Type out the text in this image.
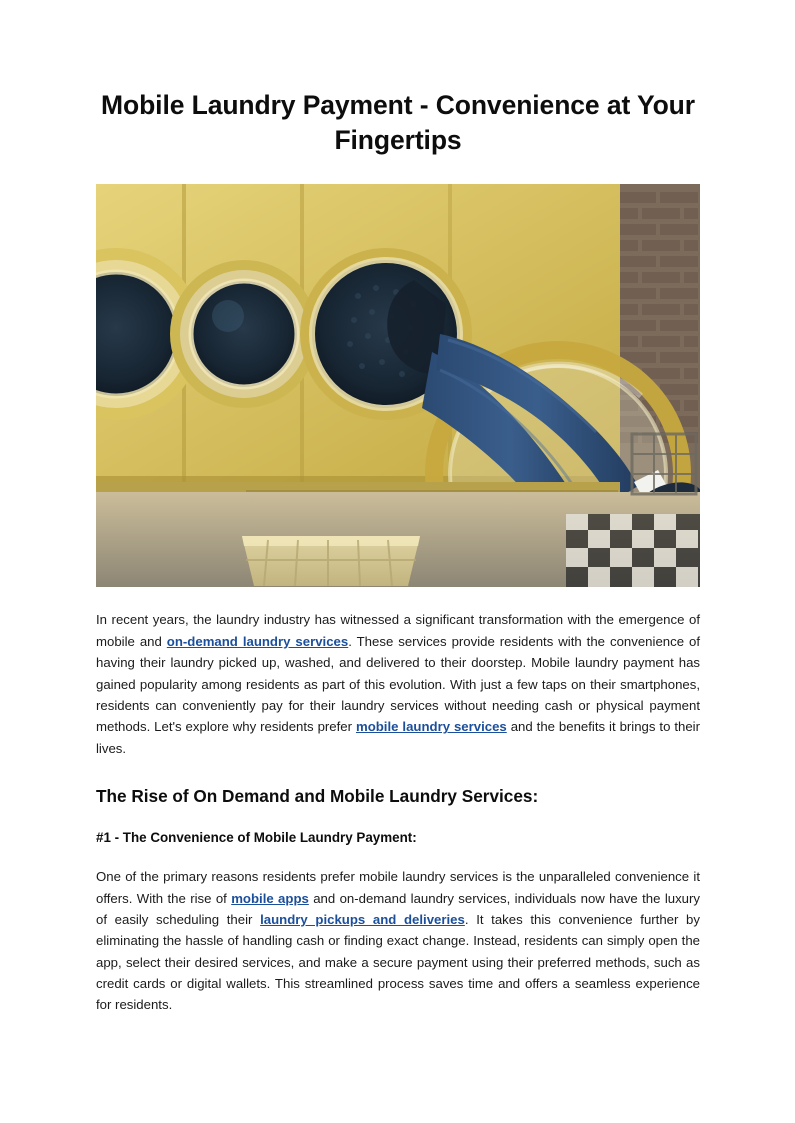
Mobile Laundry Payment - Convenience at Your Fingertips

In recent years, the laundry industry has witnessed a significant transformation with the emergence of mobile and on-demand laundry services. These services provide residents with the convenience of having their laundry picked up, washed, and delivered to their doorstep. Mobile laundry payment has gained popularity among residents as part of this evolution. With just a few taps on their smartphones, residents can conveniently pay for their laundry services without needing cash or physical payment methods. Let's explore why residents prefer mobile laundry services and the benefits it brings to their lives.

The Rise of On Demand and Mobile Laundry Services:
#1 - The Convenience of Mobile Laundry Payment:

One of the primary reasons residents prefer mobile laundry services is the unparalleled convenience it offers. With the rise of mobile apps and on-demand laundry services, individuals now have the luxury of easily scheduling their laundry pickups and deliveries. It takes this convenience further by eliminating the hassle of handling cash or finding exact change. Instead, residents can simply open the app, select their desired services, and make a secure payment using their preferred methods, such as credit cards or digital wallets. This streamlined process saves time and offers a seamless experience for residents.
